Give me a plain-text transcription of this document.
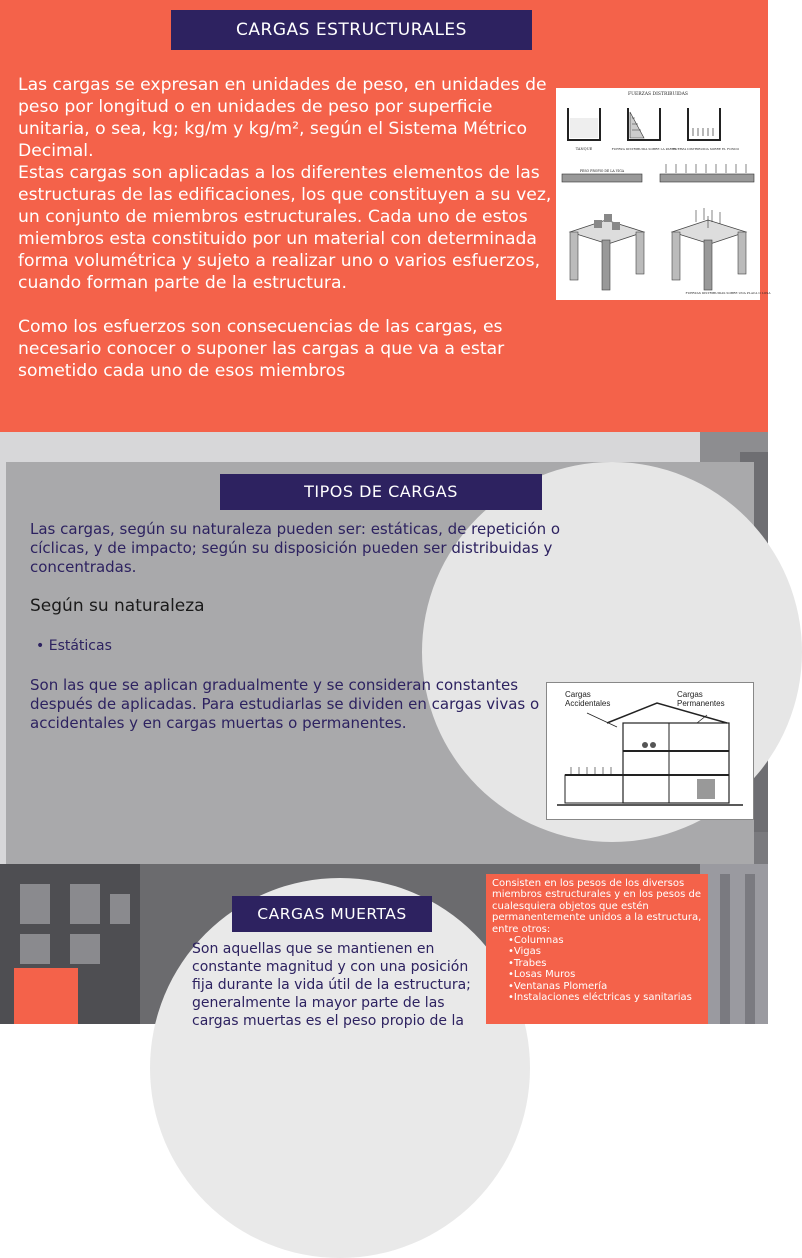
CARGAS ESTRUCTURALES

Las cargas se expresan en unidades de peso, en unidades de peso por longitud o en unidades de peso por superficie unitaria, o sea, kg; kg/m y kg/m², según el Sistema Métrico Decimal.

Estas cargas son aplicadas a los diferentes elementos de las estructuras de las edificaciones, los que constituyen a su vez, un conjunto de miembros estructurales. Cada uno de estos miembros esta constituido por un material con determinada forma volumétrica y sujeto a realizar uno o varios esfuerzos, cuando forman parte de la estructura.

Como los esfuerzos son consecuencias de las cargas, es necesario conocer o suponer las cargas a que va a estar sometido cada uno de esos miembros

FUERZAS DISTRIBUIDAS
TANQUE	FUERZA DISTRIBUIDA SOBRE LA PARED
FUERZA DISTRIBUIDA SOBRE EL FONDO
PESO PROPIO DE LA VIGA
FUERZAS DISTRIBUIDAS SOBRE UNA PLACA O LOSA
TIPOS DE CARGAS
Las cargas, según su naturaleza pueden ser: estáticas, de repetición o cíclicas, y de impacto; según su disposición pueden ser distribuidas y concentradas.
Según su naturaleza
• Estáticas
Son las que se aplican gradualmente y se consideran constantes después de aplicadas. Para estudiarlas se dividen en cargas vivas o accidentales y en cargas muertas o permanentes.
Cargas Accidentales
Cargas Permanentes
CARGAS MUERTAS
Son aquellas que se mantienen en constante magnitud y con una posición fija durante la vida útil de la estructura; generalmente la mayor parte de las cargas muertas es el peso propio de la
Consisten en los pesos de los diversos miembros estructurales y en los pesos de cualesquiera objetos que estén permanentemente unidos a la estructura, entre otros:
• Columnas
• Vigas
• Trabes
• Losas Muros
• Ventanas Plomería
• Instalaciones eléctricas y sanitarias
